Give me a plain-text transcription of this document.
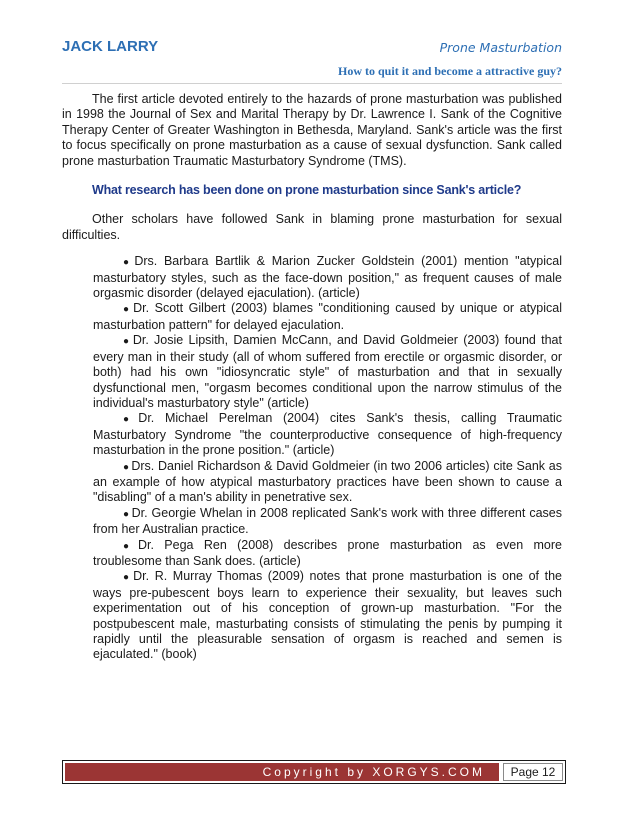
JACK LARRY	Prone Masturbation
How to quit it and become a attractive guy?

The first article devoted entirely to the hazards of prone masturbation was published in 1998 the Journal of Sex and Marital Therapy by Dr. Lawrence I. Sank of the Cognitive Therapy Center of Greater Washington in Bethesda, Maryland. Sank's article was the first to focus specifically on prone masturbation as a cause of sexual dysfunction. Sank called prone masturbation Traumatic Masturbatory Syndrome (TMS).

What research has been done on prone masturbation since Sank's article?

Other scholars have followed Sank in blaming prone masturbation for sexual difficulties.

● Drs. Barbara Bartlik & Marion Zucker Goldstein (2001) mention "atypical masturbatory styles, such as the face-down position," as frequent causes of male orgasmic disorder (delayed ejaculation). (article)
● Dr. Scott Gilbert (2003) blames "conditioning caused by unique or atypical masturbation pattern" for delayed ejaculation.
● Dr. Josie Lipsith, Damien McCann, and David Goldmeier (2003) found that every man in their study (all of whom suffered from erectile or orgasmic disorder, or both) had his own "idiosyncratic style" of masturbation and that in sexually dysfunctional men, "orgasm becomes conditional upon the narrow stimulus of the individual's masturbatory style" (article)
● Dr. Michael Perelman (2004) cites Sank's thesis, calling Traumatic Masturbatory Syndrome "the counterproductive consequence of high-frequency masturbation in the prone position." (article)
● Drs. Daniel Richardson & David Goldmeier (in two 2006 articles) cite Sank as an example of how atypical masturbatory practices have been shown to cause a "disabling" of a man's ability in penetrative sex.
● Dr. Georgie Whelan in 2008 replicated Sank's work with three different cases from her Australian practice.
● Dr. Pega Ren (2008) describes prone masturbation as even more troublesome than Sank does. (article)
● Dr. R. Murray Thomas (2009) notes that prone masturbation is one of the ways pre-pubescent boys learn to experience their sexuality, but leaves such experimentation out of his conception of grown-up masturbation. "For the postpubescent male, masturbating consists of stimulating the penis by pumping it rapidly until the pleasurable sensation of orgasm is reached and semen is ejaculated." (book)
Copyright by XORGYS.COM	Page 12
